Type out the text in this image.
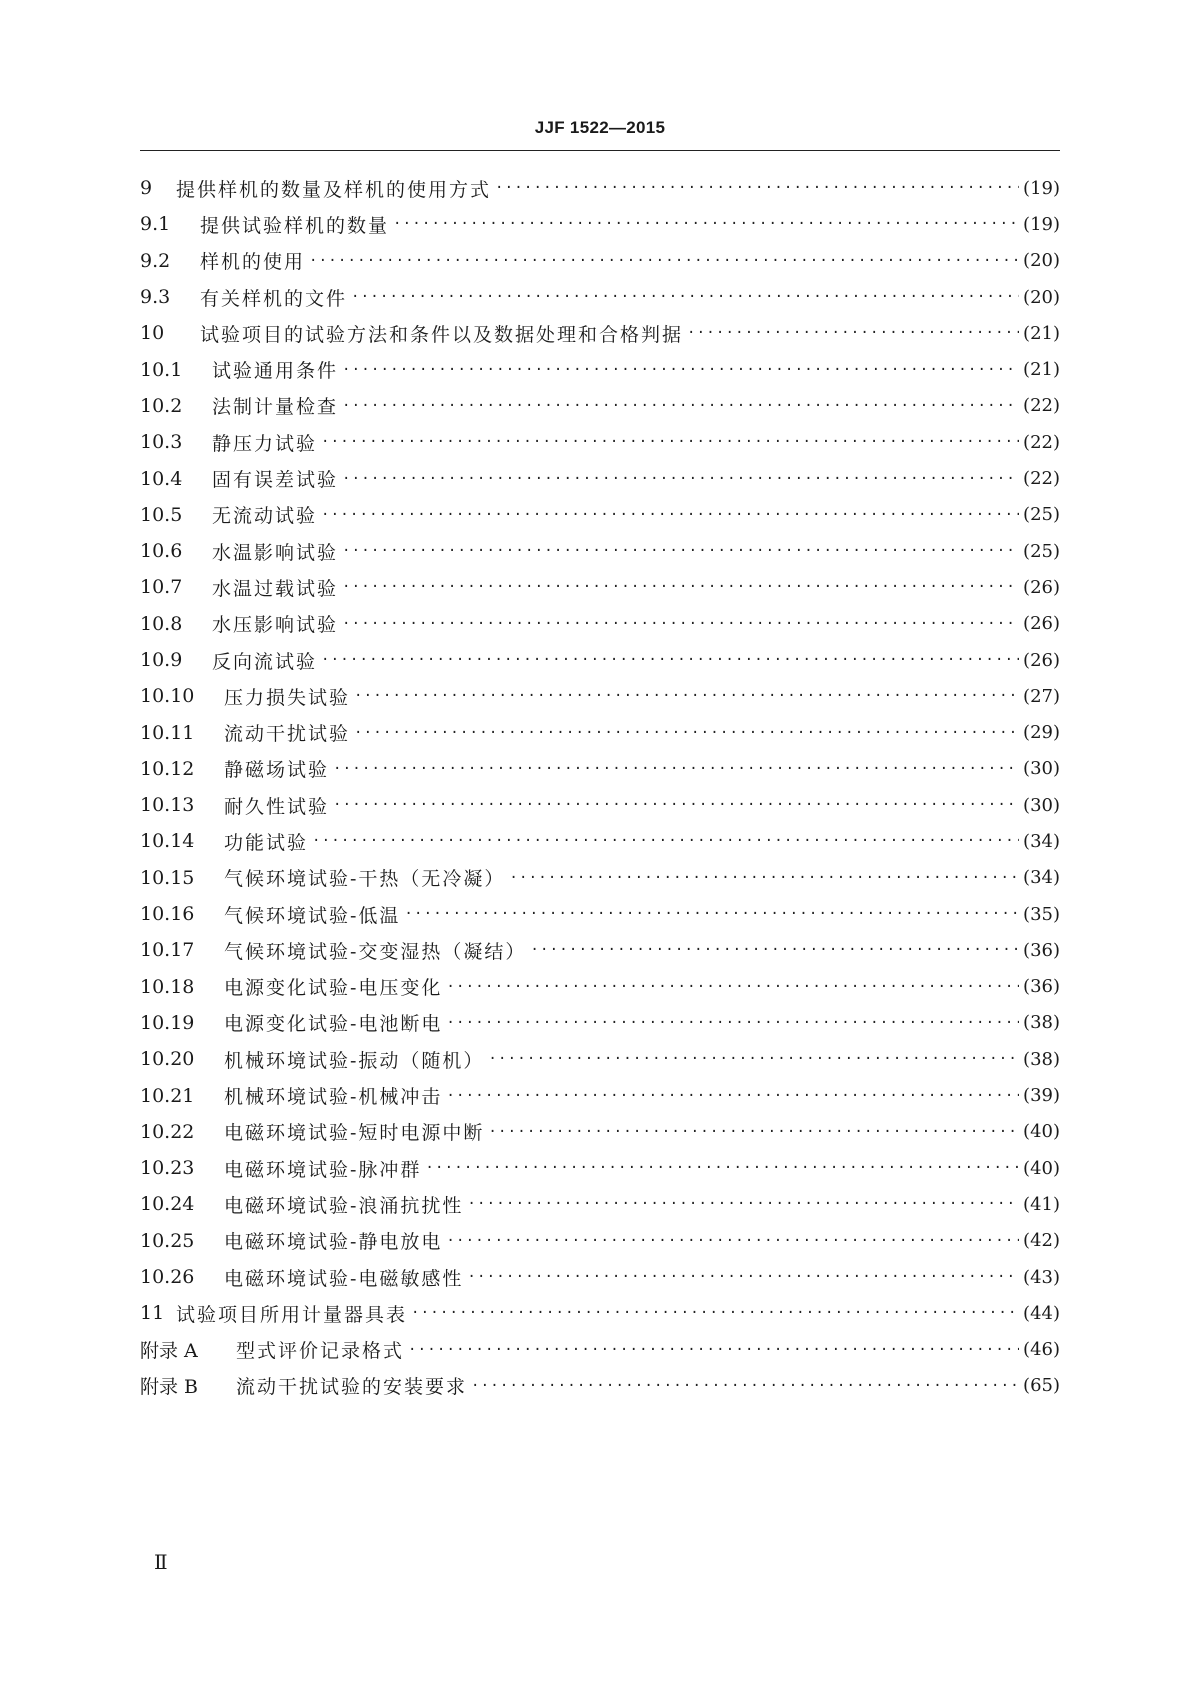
JJF 1522—2015
9	提供样机的数量及样机的使用方式 ·····	(19)
9.1	提供试验样机的数量 ·····	(19)
9.2	样机的使用 ·····	(20)
9.3	有关样机的文件 ·····	(20)
10	试验项目的试验方法和条件以及数据处理和合格判据 ·····	(21)
10.1	试验通用条件 ·····	(21)
10.2	法制计量检查 ·····	(22)
10.3	静压力试验 ·····	(22)
10.4	固有误差试验 ·····	(22)
10.5	无流动试验 ·····	(25)
10.6	水温影响试验 ·····	(25)
10.7	水温过载试验 ·····	(26)
10.8	水压影响试验 ·····	(26)
10.9	反向流试验 ·····	(26)
10.10	压力损失试验 ·····	(27)
10.11	流动干扰试验 ·····	(29)
10.12	静磁场试验 ·····	(30)
10.13	耐久性试验 ·····	(30)
10.14	功能试验 ·····	(34)
10.15	气候环境试验-干热（无冷凝） ·····	(34)
10.16	气候环境试验-低温 ·····	(35)
10.17	气候环境试验-交变湿热（凝结） ·····	(36)
10.18	电源变化试验-电压变化 ·····	(36)
10.19	电源变化试验-电池断电 ·····	(38)
10.20	机械环境试验-振动（随机） ·····	(38)
10.21	机械环境试验-机械冲击 ·····	(39)
10.22	电磁环境试验-短时电源中断 ·····	(40)
10.23	电磁环境试验-脉冲群 ·····	(40)
10.24	电磁环境试验-浪涌抗扰性 ·····	(41)
10.25	电磁环境试验-静电放电 ·····	(42)
10.26	电磁环境试验-电磁敏感性 ·····	(43)
11 试验项目所用计量器具表 ·····	(44)
附录 A	型式评价记录格式 ·····	(46)
附录 B	流动干扰试验的安装要求 ·····	(65)
Ⅱ
